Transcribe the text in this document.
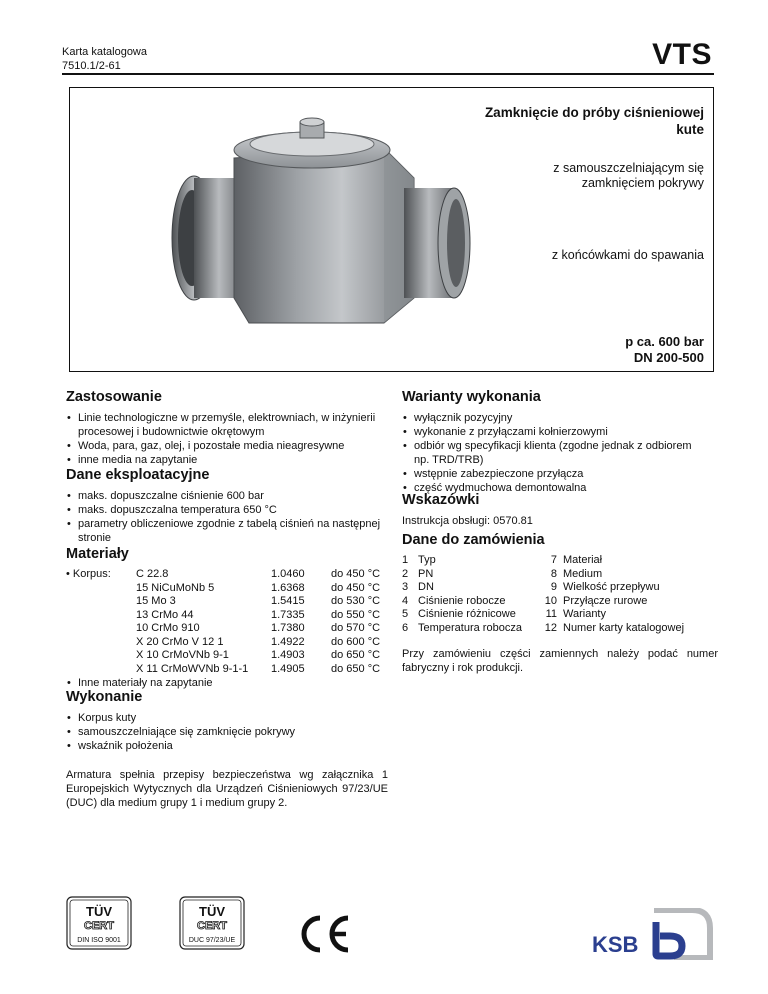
Karta katalogowa
7510.1/2-61	VTS
Zamknięcie do próby ciśnieniowej
kute
z samouszczelniającym się
zamknięciem pokrywy
z końcówkami do spawania
p ca. 600 bar
DN 200-500
Zastosowanie
• Linie technologiczne w przemyśle, elektrowniach, w inżynierii procesowej i budownictwie okrętowym
• Woda, para, gaz, olej, i pozostałe media nieagresywne
• inne media na zapytanie
Dane eksploatacyjne
• maks. dopuszczalne ciśnienie 600 bar
• maks. dopuszczalna temperatura 650 °C
• parametry obliczeniowe zgodnie z tabelą ciśnień na następnej stronie
Materiały
• Korpus:	C 22.8	1.0460	do 450 °C
15 NiCuMoNb 5	1.6368	do 450 °C
15 Mo 3	1.5415	do 530 °C
13 CrMo 44	1.7335	do 550 °C
10 CrMo 910	1.7380	do 570 °C
X 20 CrMo V 12 1	1.4922	do 600 °C
X 10 CrMoVNb 9-1	1.4903	do 650 °C
X 11 CrMoWVNb 9-1-1	1.4905	do 650 °C
• Inne materiały na zapytanie
Wykonanie
• Korpus kuty
• samouszczelniające się zamknięcie pokrywy
• wskaźnik położenia
Armatura spełnia przepisy bezpieczeństwa wg załącznika 1 Europejskich Wytycznych dla Urządzeń Ciśnieniowych 97/23/UE (DUC) dla medium grupy 1 i medium grupy 2.
Warianty wykonania
• wyłącznik pozycyjny
• wykonanie z przyłączami kołnierzowymi
• odbiór wg specyfikacji klienta (zgodne jednak z odbiorem np. TRD/TRB)
• wstępnie zabezpieczone przyłącza
• część wydmuchowa demontowalna
Wskazówki
Instrukcja obsługi: 0570.81
Dane do zamówienia
1 Typ	7 Materiał
2 PN	8 Medium
3 DN	9 Wielkość przepływu
4 Ciśnienie robocze	10 Przyłącze rurowe
5 Ciśnienie różnicowe	11 Warianty
6 Temperatura robocza	12 Numer karty katalogowej
Przy zamówieniu części zamiennych należy podać numer fabryczny i rok produkcji.
TÜV
CERT
DIN ISO 9001
TÜV
CERT
DUC 97/23/UE	KSB
